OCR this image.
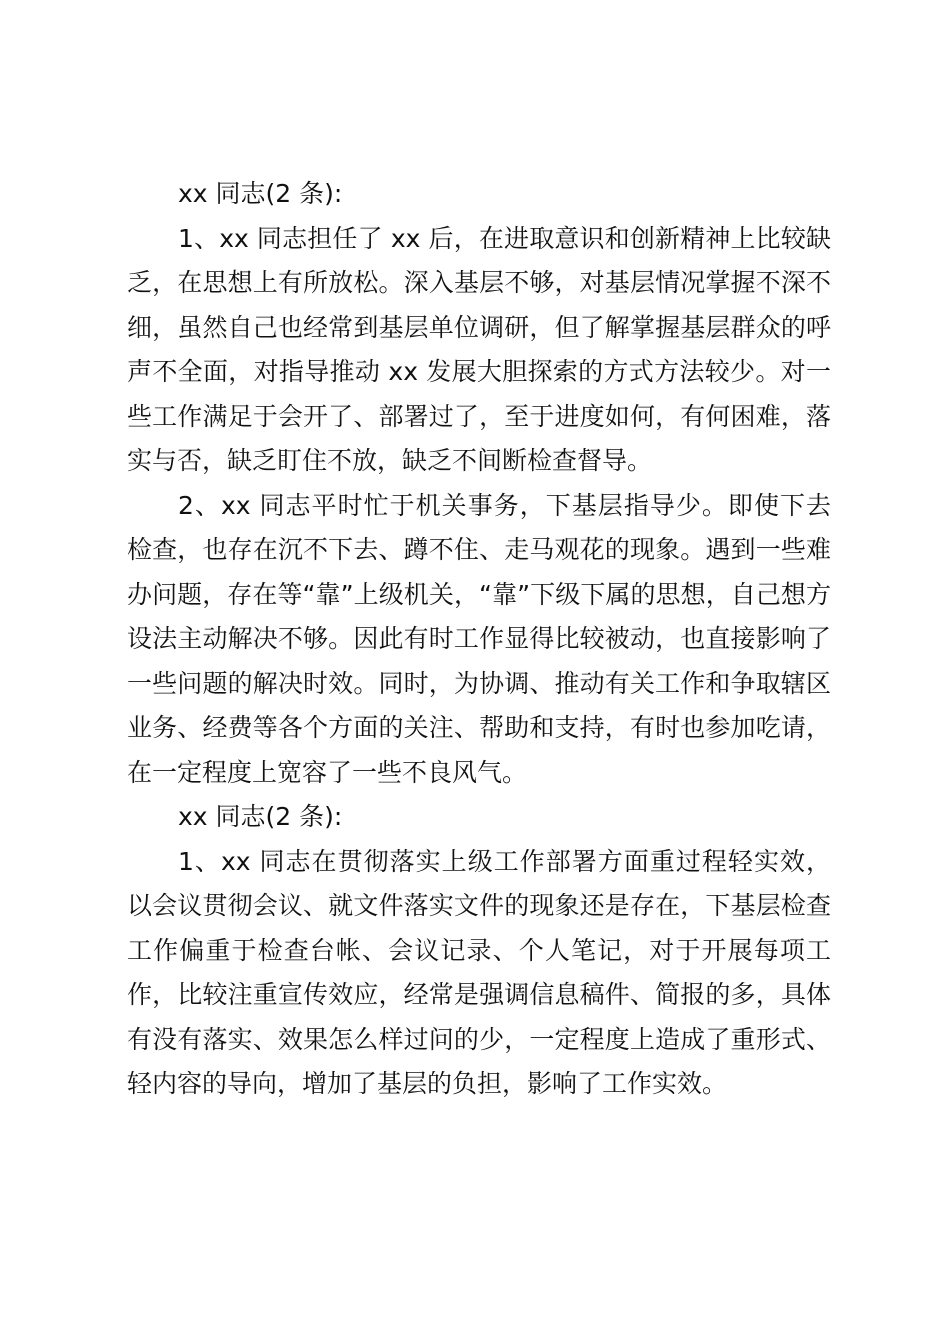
xx 同志(2 条):

1、xx 同志担任了 xx 后，在进取意识和创新精神上比较缺乏，在思想上有所放松。深入基层不够，对基层情况掌握不深不细，虽然自己也经常到基层单位调研，但了解掌握基层群众的呼声不全面，对指导推动 xx 发展大胆探索的方式方法较少。对一些工作满足于会开了、部署过了，至于进度如何，有何困难，落实与否，缺乏盯住不放，缺乏不间断检查督导。

2、xx 同志平时忙于机关事务，下基层指导少。即使下去检查，也存在沉不下去、蹲不住、走马观花的现象。遇到一些难办问题，存在等“靠”上级机关，“靠”下级下属的思想，自己想方设法主动解决不够。因此有时工作显得比较被动，也直接影响了一些问题的解决时效。同时，为协调、推动有关工作和争取辖区业务、经费等各个方面的关注、帮助和支持，有时也参加吃请，在一定程度上宽容了一些不良风气。

xx 同志(2 条):

1、xx 同志在贯彻落实上级工作部署方面重过程轻实效，以会议贯彻会议、就文件落实文件的现象还是存在，下基层检查工作偏重于检查台帐、会议记录、个人笔记，对于开展每项工作，比较注重宣传效应，经常是强调信息稿件、简报的多，具体有没有落实、效果怎么样过问的少，一定程度上造成了重形式、轻内容的导向，增加了基层的负担，影响了工作实效。
